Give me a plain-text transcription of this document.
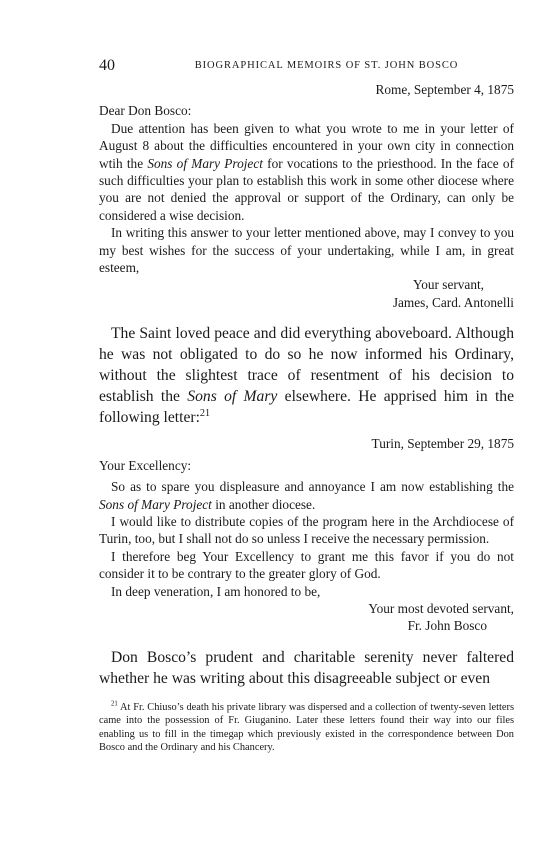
40	BIOGRAPHICAL MEMOIRS OF ST. JOHN BOSCO

Rome, September 4, 1875

Dear Don Bosco:

Due attention has been given to what you wrote to me in your letter of August 8 about the difficulties encountered in your own city in connection wtih the Sons of Mary Project for vocations to the priesthood. In the face of such difficulties your plan to establish this work in some other diocese where you are not denied the approval or support of the Ordinary, can only be considered a wise decision.

In writing this answer to your letter mentioned above, may I convey to you my best wishes for the success of your undertaking, while I am, in great esteem,

Your servant,

James, Card. Antonelli

The Saint loved peace and did everything aboveboard. Although he was not obligated to do so he now informed his Ordinary, without the slightest trace of resentment of his decision to establish the Sons of Mary elsewhere. He apprised him in the following letter:$^{21}$

Turin, September 29, 1875

Your Excellency:

So as to spare you displeasure and annoyance I am now establishing the Sons of Mary Project in another diocese.

I would like to distribute copies of the program here in the Archdiocese of Turin, too, but I shall not do so unless I receive the necessary permission.

I therefore beg Your Excellency to grant me this favor if you do not consider it to be contrary to the greater glory of God.

In deep veneration, I am honored to be,

Your most devoted servant,

Fr. John Bosco

Don Bosco’s prudent and charitable serenity never faltered whether he was writing about this disagreeable subject or even

$^{21}$ At Fr. Chiuso’s death his private library was dispersed and a collection of twenty-seven letters came into the possession of Fr. Giuganino. Later these letters found their way into our files enabling us to fill in the timegap which previously existed in the correspondence between Don Bosco and the Ordinary and his Chancery.
